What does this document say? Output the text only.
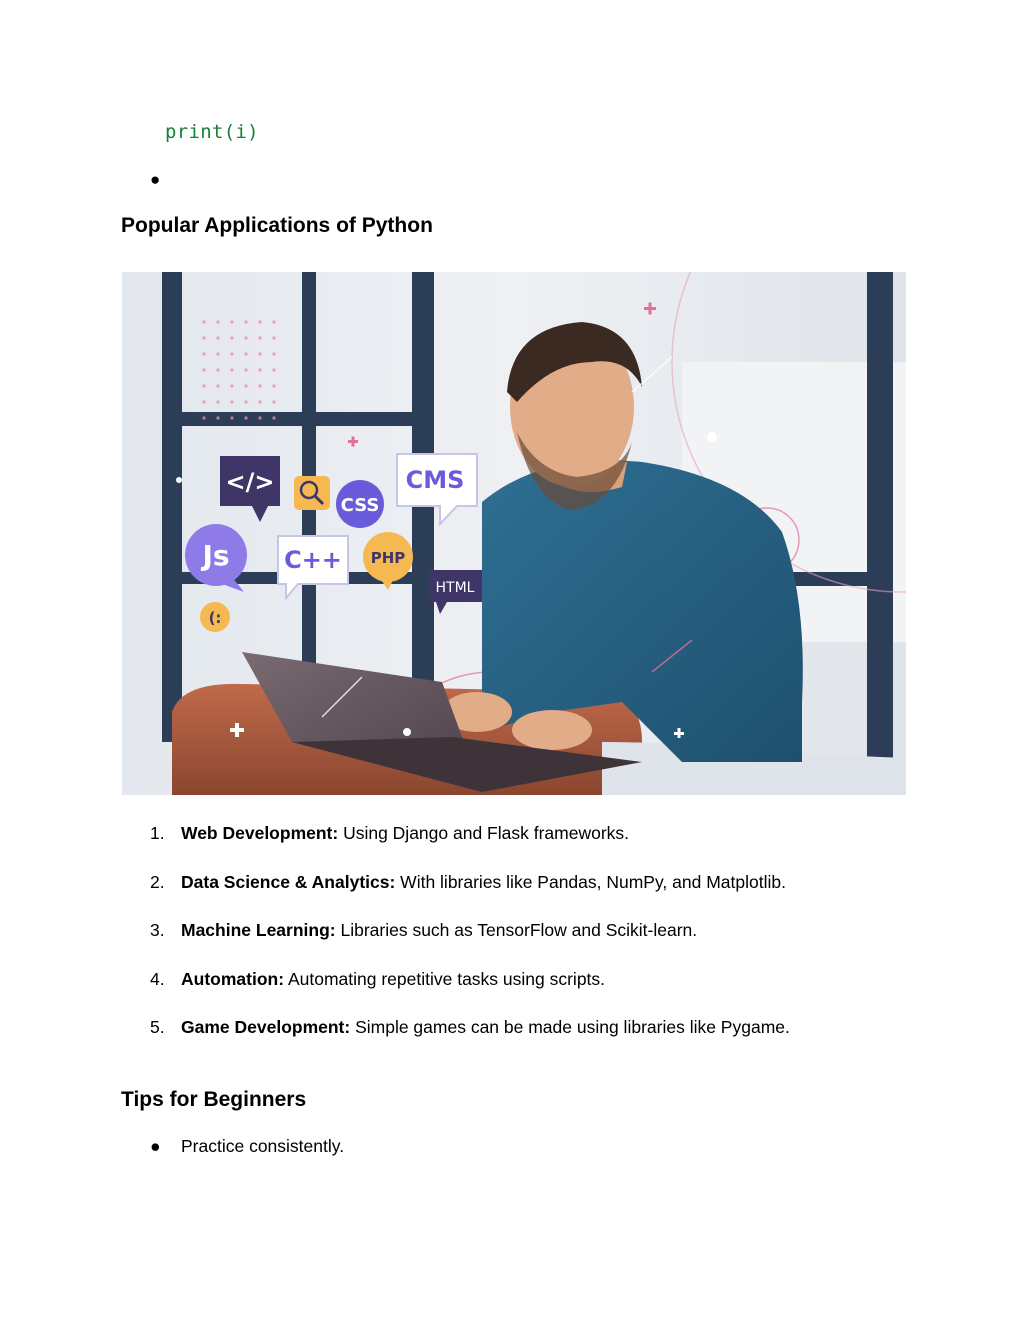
print(i)
●
Popular Applications of Python
</>
CSS
CMS
Js C++ PHP
HTML
(:
1. Web Development: Using Django and Flask frameworks.
2. Data Science & Analytics: With libraries like Pandas, NumPy, and Matplotlib.
3. Machine Learning: Libraries such as TensorFlow and Scikit-learn.
4. Automation: Automating repetitive tasks using scripts.
5. Game Development: Simple games can be made using libraries like Pygame.
Tips for Beginners
● Practice consistently.
